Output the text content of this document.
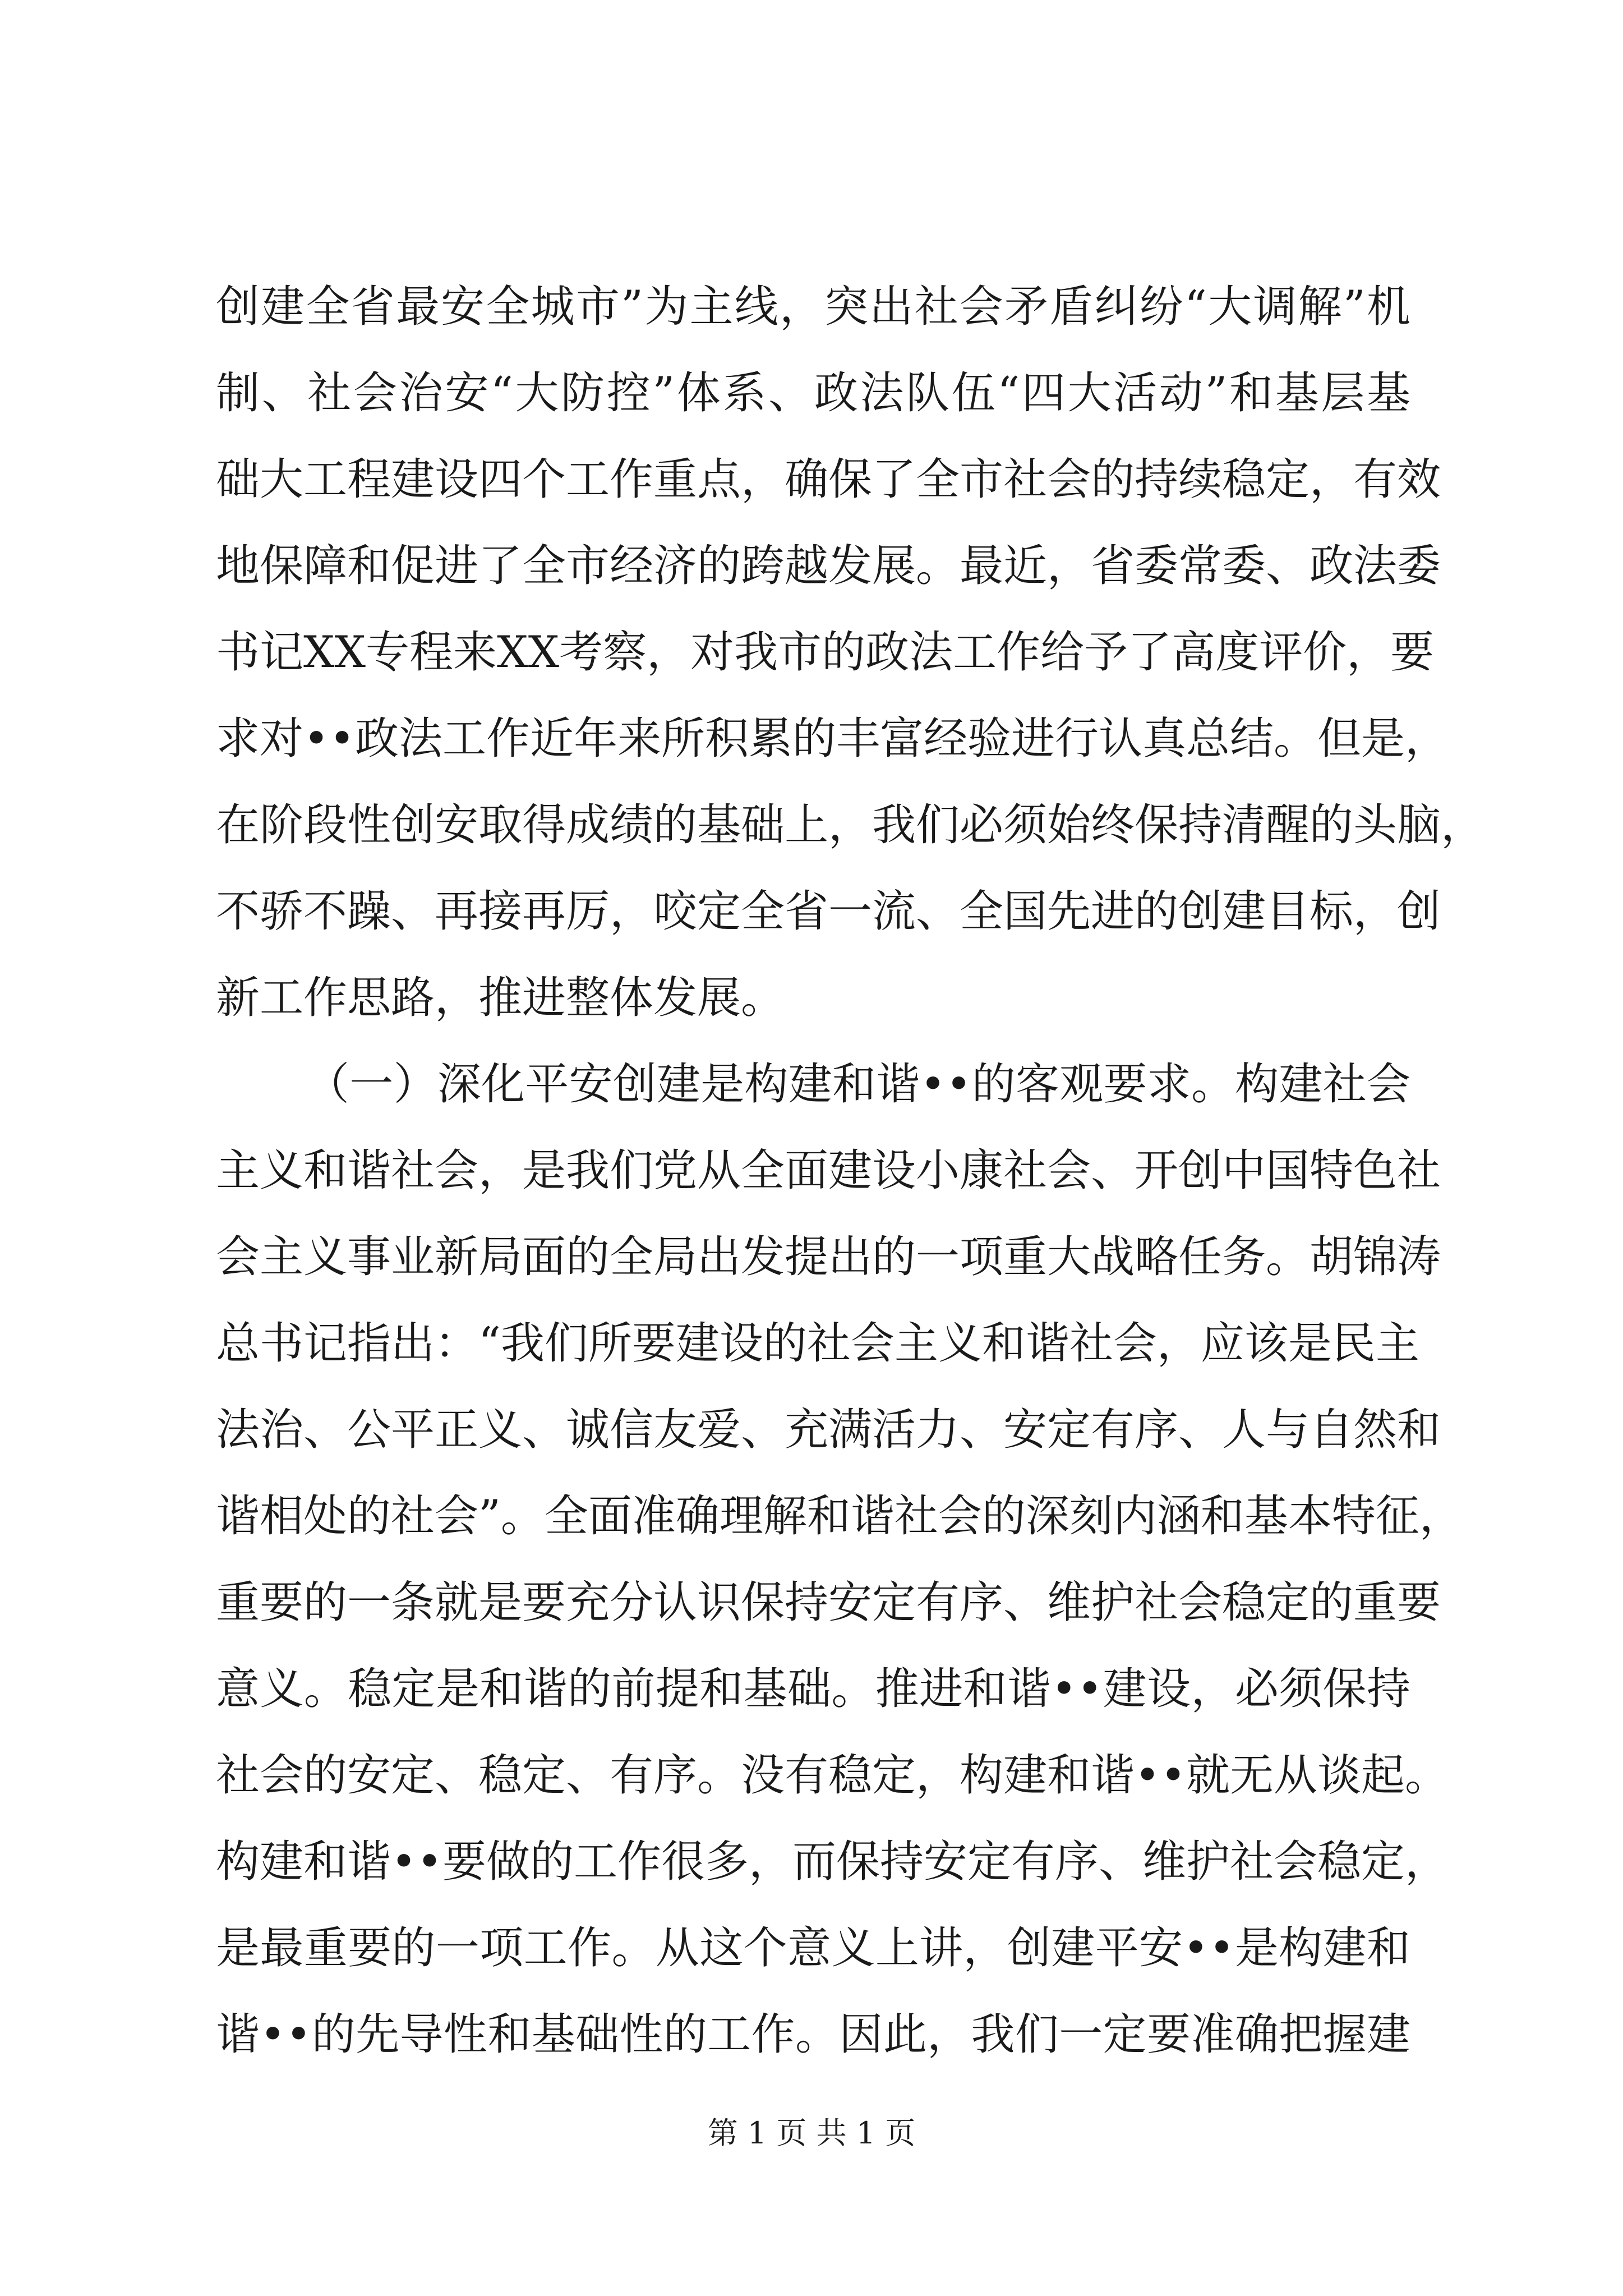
创建全省最安全城市”为主线，突出社会矛盾纠纷“大调解”机
制、社会治安“大防控”体系、政法队伍“四大活动”和基层基
础大工程建设四个工作重点，确保了全市社会的持续稳定，有效
地保障和促进了全市经济的跨越发展。最近，省委常委、政法委
书记XX专程来XX考察，对我市的政法工作给予了高度评价，要
求对••政法工作近年来所积累的丰富经验进行认真总结。但是，
在阶段性创安取得成绩的基础上，我们必须始终保持清醒的头脑，
不骄不躁、再接再厉，咬定全省一流、全国先进的创建目标，创
新工作思路，推进整体发展。
（一）深化平安创建是构建和谐••的客观要求。构建社会
主义和谐社会，是我们党从全面建设小康社会、开创中国特色社
会主义事业新局面的全局出发提出的一项重大战略任务。胡锦涛
总书记指出：“我们所要建设的社会主义和谐社会，应该是民主
法治、公平正义、诚信友爱、充满活力、安定有序、人与自然和
谐相处的社会”。全面准确理解和谐社会的深刻内涵和基本特征，
重要的一条就是要充分认识保持安定有序、维护社会稳定的重要
意义。稳定是和谐的前提和基础。推进和谐••建设，必须保持
社会的安定、稳定、有序。没有稳定，构建和谐••就无从谈起。
构建和谐••要做的工作很多，而保持安定有序、维护社会稳定，
是最重要的一项工作。从这个意义上讲，创建平安••是构建和
谐••的先导性和基础性的工作。因此，我们一定要准确把握建
第 1 页 共 1 页
